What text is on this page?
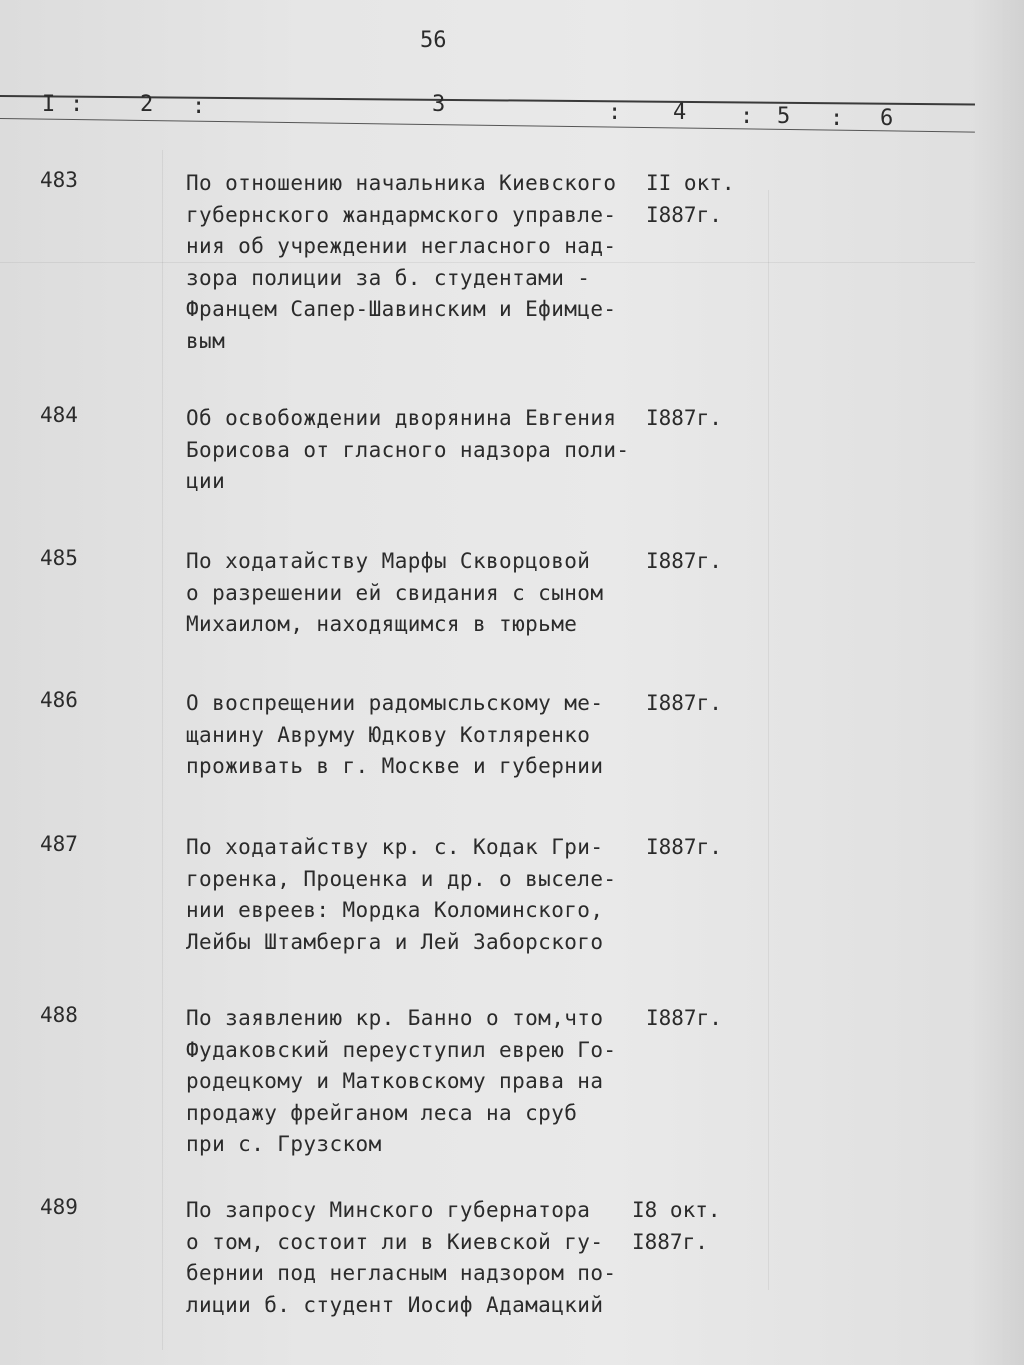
56
I :	2 :	3	: 4 : 5 : 6
483	По отношению начальника Киевского
губернского жандармского управле-
ния об учреждении негласного над-
зора полиции за б. студентами -
Францем Сапер-Шавинским и Ефимце-
вым
II окт.
I887г.
484	Об освобождении дворянина Евгения
Борисова от гласного надзора поли-
ции
I887г.
485	По ходатайству Марфы Скворцовой
о разрешении ей свидания с сыном
Михаилом, находящимся в тюрьме
I887г.
486	О воспрещении радомысльскому ме-
щанину Авруму Юдкову Котляренко
проживать в г. Москве и губернии
I887г.
487	По ходатайству кр. с. Кодак Гри-
горенка, Проценка и др. о выселе-
нии евреев: Мордка Коломинского,
Лейбы Штамберга и Лей Заборского
I887г.
488	По заявлению кр. Банно о том,что
Фудаковский переуступил еврею Го-
родецкому и Матковскому права на
продажу фрейганом леса на сруб
при с. Грузском
I887г.
489	По запросу Минского губернатора
о том, состоит ли в Киевской гу-
бернии под негласным надзором по-
лиции б. студент Иосиф Адамацкий
I8 окт.
I887г.
